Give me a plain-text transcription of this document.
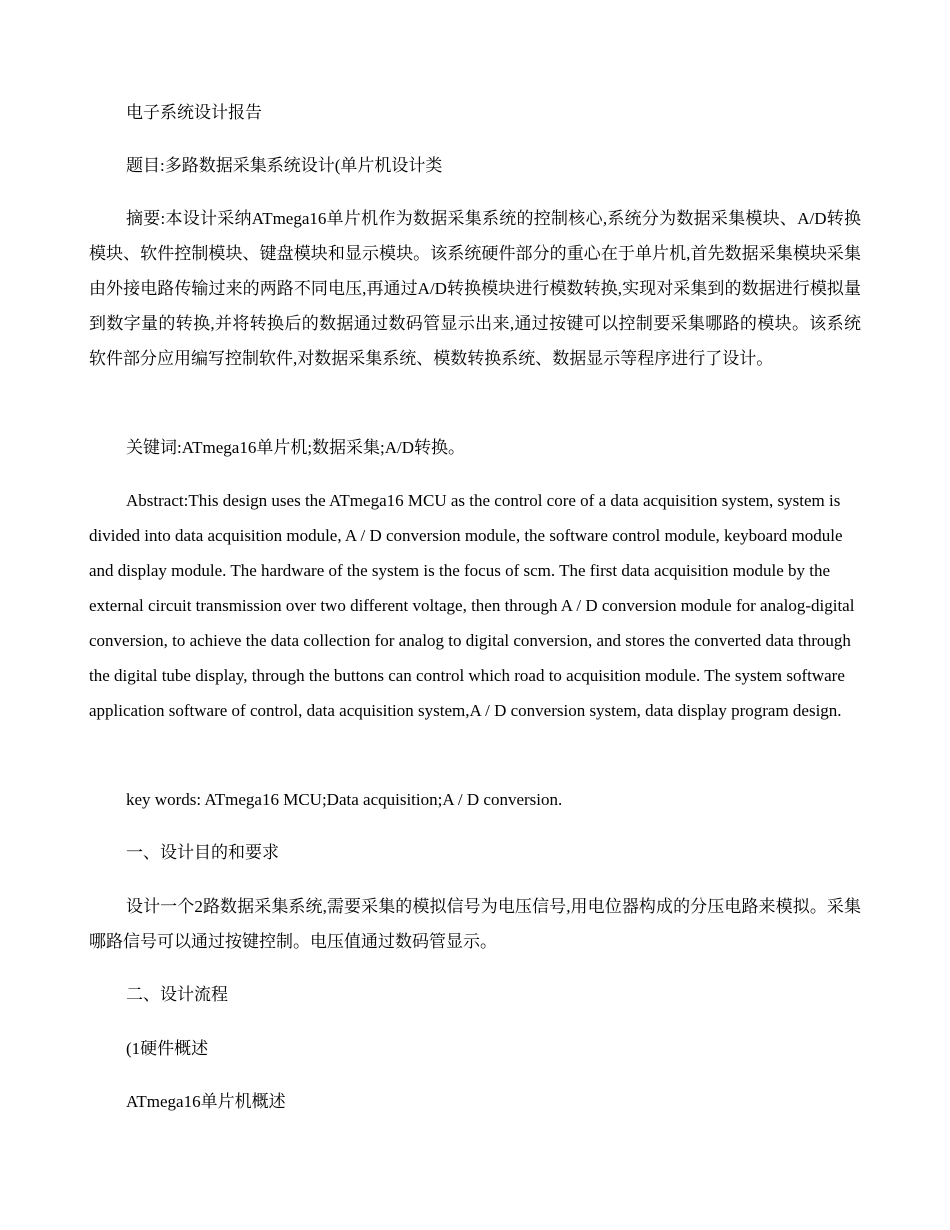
电子系统设计报告

题目:多路数据采集系统设计(单片机设计类

摘要:本设计采纳ATmega16单片机作为数据采集系统的控制核心,系统分为数据采集模块、A/D转换模块、软件控制模块、键盘模块和显示模块。该系统硬件部分的重心在于单片机,首先数据采集模块采集由外接电路传输过来的两路不同电压,再通过A/D转换模块进行模数转换,实现对采集到的数据进行模拟量到数字量的转换,并将转换后的数据通过数码管显示出来,通过按键可以控制要采集哪路的模块。该系统软件部分应用编写控制软件,对数据采集系统、模数转换系统、数据显示等程序进行了设计。

关键词:ATmega16单片机;数据采集;A/D转换。

Abstract:This design uses the ATmega16 MCU as the control core of a data acquisition system, system is divided into data acquisition module, A / D conversion module, the software control module, keyboard module and display module. The hardware of the system is the focus of scm. The first data acquisition module by the external circuit transmission over two different voltage, then through A / D conversion module for analog-digital conversion, to achieve the data collection for analog to digital conversion, and stores the converted data through the digital tube display, through the buttons can control which road to acquisition module. The system software application software of control, data acquisition system,A / D conversion system, data display program design.

key words: ATmega16 MCU;Data acquisition;A / D conversion.

一、设计目的和要求

设计一个2路数据采集系统,需要采集的模拟信号为电压信号,用电位器构成的分压电路来模拟。采集哪路信号可以通过按键控制。电压值通过数码管显示。

二、设计流程

(1硬件概述

ATmega16单片机概述
